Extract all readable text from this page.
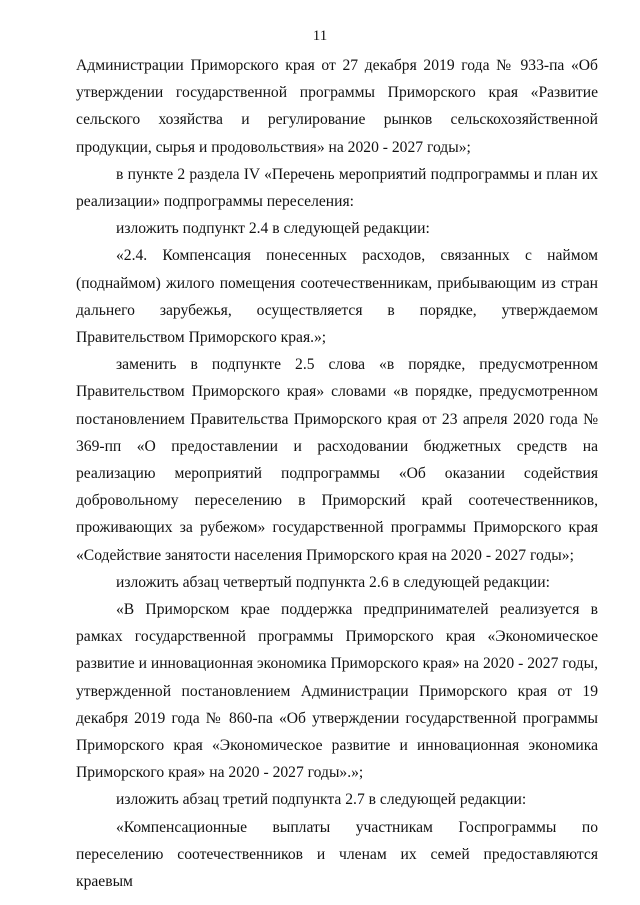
11

Администрации Приморского края от 27 декабря 2019 года № 933-па «Об утверждении государственной программы Приморского края «Развитие сельского хозяйства и регулирование рынков сельскохозяйственной продукции, сырья и продовольствия» на 2020 - 2027 годы»;

в пункте 2 раздела IV «Перечень мероприятий подпрограммы и план их реализации» подпрограммы переселения:

изложить подпункт 2.4 в следующей редакции:

«2.4. Компенсация понесенных расходов, связанных с наймом (поднаймом) жилого помещения соотечественникам, прибывающим из стран дальнего зарубежья, осуществляется в порядке, утверждаемом Правительством Приморского края.»;

заменить в подпункте 2.5 слова «в порядке, предусмотренном Правительством Приморского края» словами «в порядке, предусмотренном постановлением Правительства Приморского края от 23 апреля 2020 года № 369-пп «О предоставлении и расходовании бюджетных средств на реализацию мероприятий подпрограммы «Об оказании содействия добровольному переселению в Приморский край соотечественников, проживающих за рубежом» государственной программы Приморского края «Содействие занятости населения Приморского края на 2020 - 2027 годы»;

изложить абзац четвертый подпункта 2.6 в следующей редакции:

«В Приморском крае поддержка предпринимателей реализуется в рамках государственной программы Приморского края «Экономическое развитие и инновационная экономика Приморского края» на 2020 - 2027 годы, утвержденной постановлением Администрации Приморского края от 19 декабря 2019 года № 860-па «Об утверждении государственной программы Приморского края «Экономическое развитие и инновационная экономика Приморского края» на 2020 - 2027 годы».»;

изложить абзац третий подпункта 2.7 в следующей редакции:

«Компенсационные выплаты участникам Госпрограммы по переселению соотечественников и членам их семей предоставляются краевым
